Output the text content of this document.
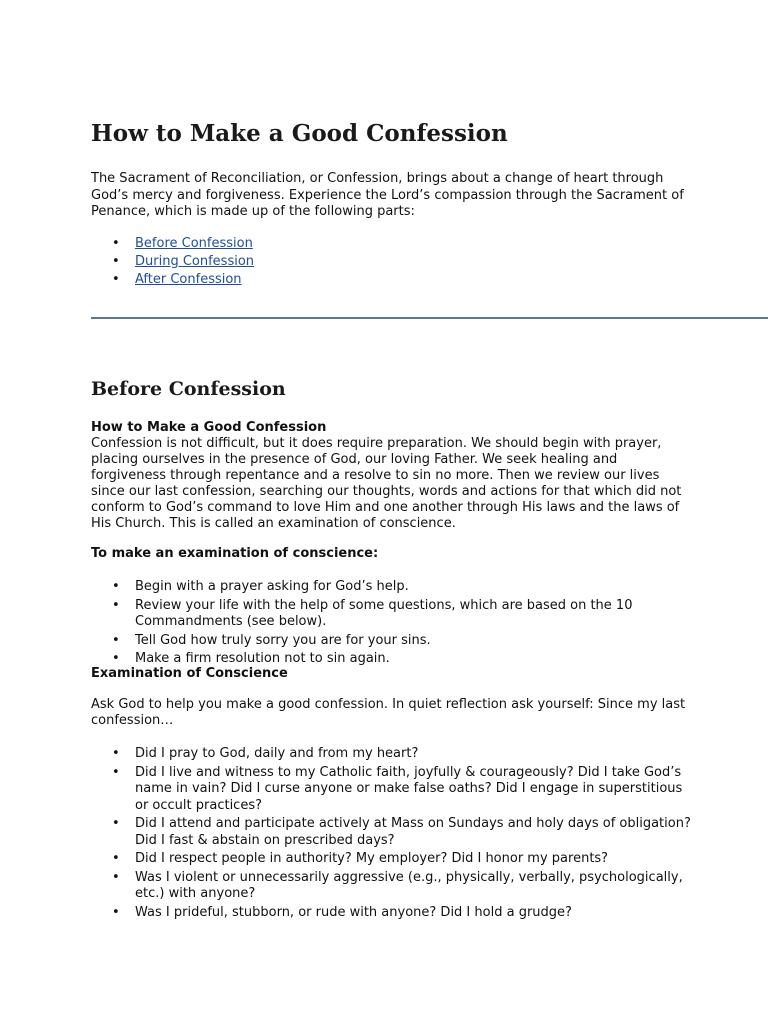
How to Make a Good Confession

The Sacrament of Reconciliation, or Confession, brings about a change of heart through God’s mercy and forgiveness. Experience the Lord’s compassion through the Sacrament of Penance, which is made up of the following parts:

• Before Confession
• During Confession
• After Confession
Before Confession

How to Make a Good Confession

Confession is not difficult, but it does require preparation. We should begin with prayer, placing ourselves in the presence of God, our loving Father. We seek healing and forgiveness through repentance and a resolve to sin no more. Then we review our lives since our last confession, searching our thoughts, words and actions for that which did not conform to God’s command to love Him and one another through His laws and the laws of His Church. This is called an examination of conscience.

To make an examination of conscience:

• Begin with a prayer asking for God’s help.
• Review your life with the help of some questions, which are based on the 10 Commandments (see below).
• Tell God how truly sorry you are for your sins.
• Make a firm resolution not to sin again.

Examination of Conscience

Ask God to help you make a good confession. In quiet reflection ask yourself: Since my last confession…

• Did I pray to God, daily and from my heart?
• Did I live and witness to my Catholic faith, joyfully & courageously? Did I take God’s name in vain? Did I curse anyone or make false oaths? Did I engage in superstitious or occult practices?
• Did I attend and participate actively at Mass on Sundays and holy days of obligation? Did I fast & abstain on prescribed days?
• Did I respect people in authority? My employer? Did I honor my parents?
• Was I violent or unnecessarily aggressive (e.g., physically, verbally, psychologically, etc.) with anyone?
• Was I prideful, stubborn, or rude with anyone? Did I hold a grudge?
